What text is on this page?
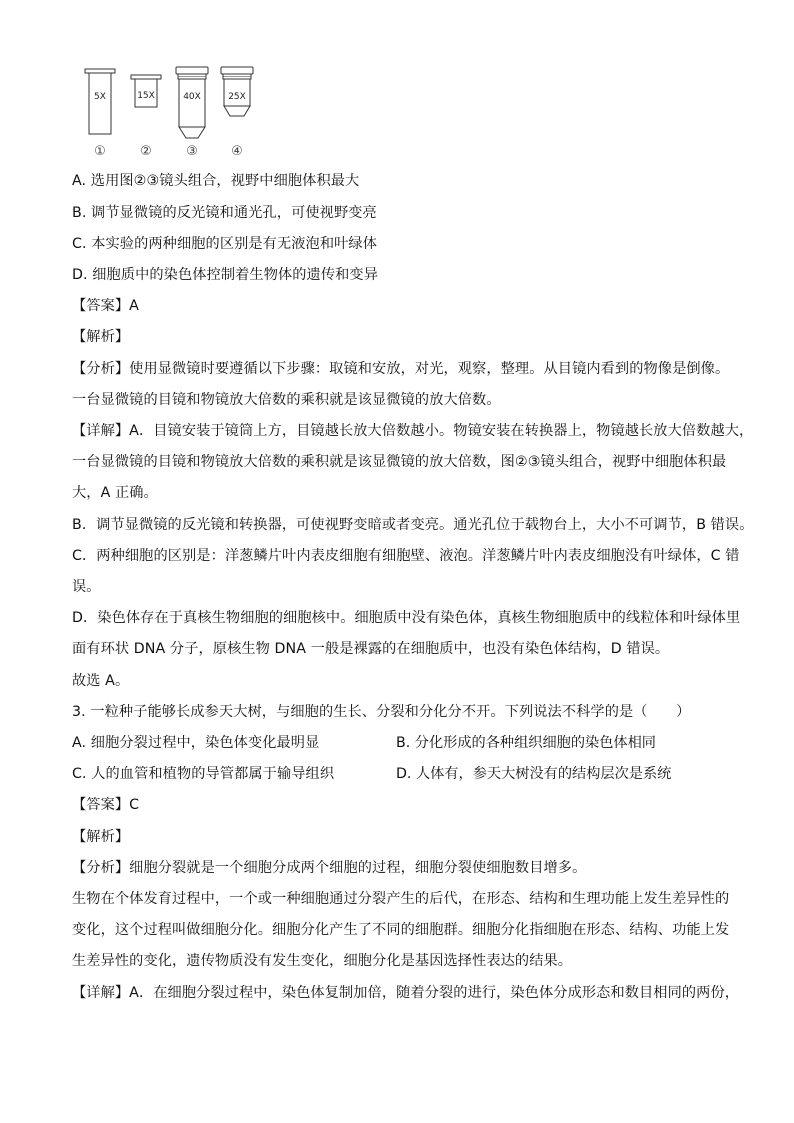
5X
①
15X
②
40X
③
25X
④
A. 选用图②③镜头组合，视野中细胞体积最大
B. 调节显微镜的反光镜和通光孔，可使视野变亮
C. 本实验的两种细胞的区别是有无液泡和叶绿体
D. 细胞质中的染色体控制着生物体的遗传和变异
【答案】A
【解析】
【分析】使用显微镜时要遵循以下步骤：取镜和安放，对光，观察，整理。从目镜内看到的物像是倒像。
一台显微镜的目镜和物镜放大倍数的乘积就是该显微镜的放大倍数。
【详解】A．目镜安装于镜筒上方，目镜越长放大倍数越小。物镜安装在转换器上，物镜越长放大倍数越大，
一台显微镜的目镜和物镜放大倍数的乘积就是该显微镜的放大倍数，图②③镜头组合，视野中细胞体积最
大，A 正确。
B．调节显微镜的反光镜和转换器，可使视野变暗或者变亮。通光孔位于载物台上，大小不可调节，B 错误。
C．两种细胞的区别是：洋葱鳞片叶内表皮细胞有细胞壁、液泡。洋葱鳞片叶内表皮细胞没有叶绿体，C 错
误。
D．染色体存在于真核生物细胞的细胞核中。细胞质中没有染色体，真核生物细胞质中的线粒体和叶绿体里
面有环状 DNA 分子，原核生物 DNA 一般是裸露的在细胞质中，也没有染色体结构，D 错误。
故选 A。
3. 一粒种子能够长成参天大树，与细胞的生长、分裂和分化分不开。下列说法不科学的是（　　）
A. 细胞分裂过程中，染色体变化最明显	B. 分化形成的各种组织细胞的染色体相同
C. 人的血管和植物的导管都属于输导组织	D. 人体有，参天大树没有的结构层次是系统
【答案】C
【解析】
【分析】细胞分裂就是一个细胞分成两个细胞的过程，细胞分裂使细胞数目增多。
生物在个体发育过程中，一个或一种细胞通过分裂产生的后代，在形态、结构和生理功能上发生差异性的
变化，这个过程叫做细胞分化。细胞分化产生了不同的细胞群。细胞分化指细胞在形态、结构、功能上发
生差异性的变化，遗传物质没有发生变化，细胞分化是基因选择性表达的结果。
【详解】A．在细胞分裂过程中，染色体复制加倍，随着分裂的进行，染色体分成形态和数目相同的两份，
